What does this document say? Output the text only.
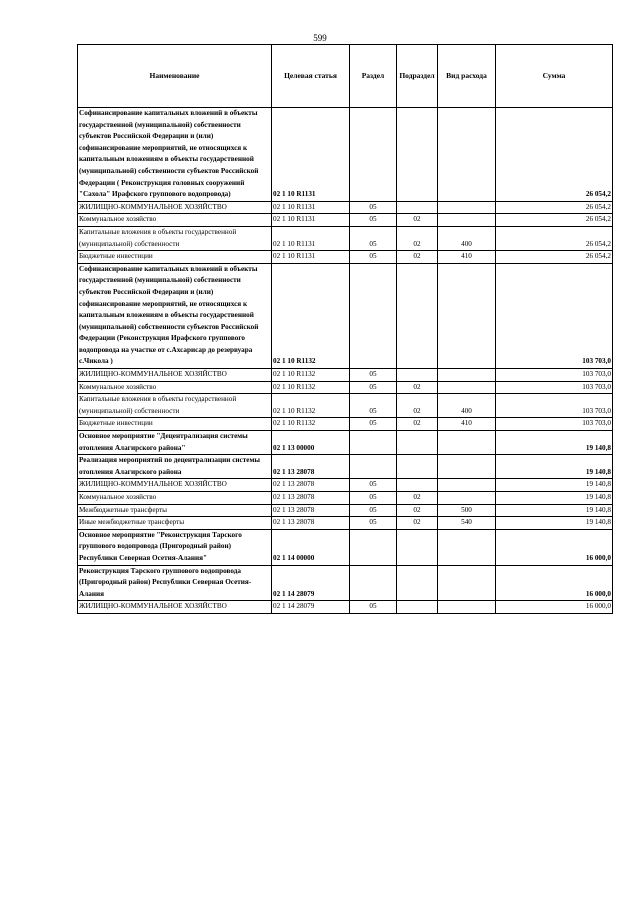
599
Наименование	Целевая статья	Раздел	Подраздел	Вид расхода	Сумма
Софинансирование капитальных вложений в объекты государственной (муниципальной) собственности субъектов Российской Федерации и (или) софинансирование мероприятий, не относящихся к капитальным вложениям в объекты государственной (муниципальной) собственности субъектов Российской Федерации ( Реконструкция головных сооружений "Сахола" Ирафского группового водопровода)	02 1 10 R1131				26 054,2
ЖИЛИЩНО-КОММУНАЛЬНОЕ ХОЗЯЙСТВО	02 1 10 R1131	05			26 054,2
Коммунальное хозяйство	02 1 10 R1131	05	02		26 054,2
Капитальные вложения в объекты государственной (муниципальной) собственности	02 1 10 R1131	05	02	400	26 054,2
Бюджетные инвестиции	02 1 10 R1131	05	02	410	26 054,2
Софинансирование капитальных вложений в объекты государственной (муниципальной) собственности субъектов Российской Федерации и (или) софинансирование мероприятий, не относящихся к капитальным вложениям в объекты государственной (муниципальной) собственности субъектов Российской Федерации (Реконструкция Ирафского группового водопровода на участке от с.Ахсарисар до резервуара с.Чикола )	02 1 10 R1132				103 703,0
ЖИЛИЩНО-КОММУНАЛЬНОЕ ХОЗЯЙСТВО	02 1 10 R1132	05			103 703,0
Коммунальное хозяйство	02 1 10 R1132	05	02		103 703,0
Капитальные вложения в объекты государственной (муниципальной) собственности	02 1 10 R1132	05	02	400	103 703,0
Бюджетные инвестиции	02 1 10 R1132	05	02	410	103 703,0
Основное мероприятие "Децентрализация системы отопления Алагирского района"	02 1 13 00000				19 140,8
Реализация мероприятий по децентрализации системы отопления Алагирского района	02 1 13 28078				19 140,8
ЖИЛИЩНО-КОММУНАЛЬНОЕ ХОЗЯЙСТВО	02 1 13 28078	05			19 140,8
Коммунальное хозяйство	02 1 13 28078	05	02		19 140,8
Межбюджетные трансферты	02 1 13 28078	05	02	500	19 140,8
Иные межбюджетные трансферты	02 1 13 28078	05	02	540	19 140,8
Основное мероприятие "Реконструкция Тарского группового водопровода (Пригородный район) Республики Северная Осетия-Алания"	02 1 14 00000				16 000,0
Реконструкция Тарского группового водопровода (Пригородный район) Республики Северная Осетия-Алания	02 1 14 28079				16 000,0
ЖИЛИЩНО-КОММУНАЛЬНОЕ ХОЗЯЙСТВО	02 1 14 28079	05			16 000,0
